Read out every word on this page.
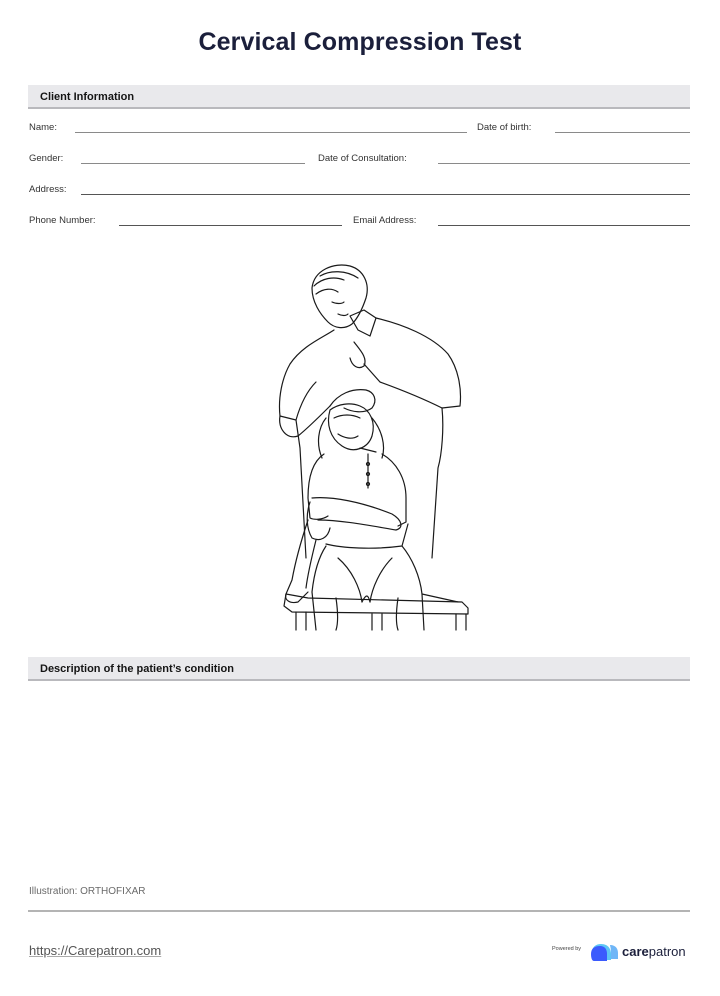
Cervical Compression Test
Client Information
Name:	Date of birth:
Gender:	Date of Consultation:
Address:
Phone Number:	Email Address:
Description of the patient’s condition
Illustration: ORTHOFIXAR
https://Carepatron.com	Powered by	carepatron
